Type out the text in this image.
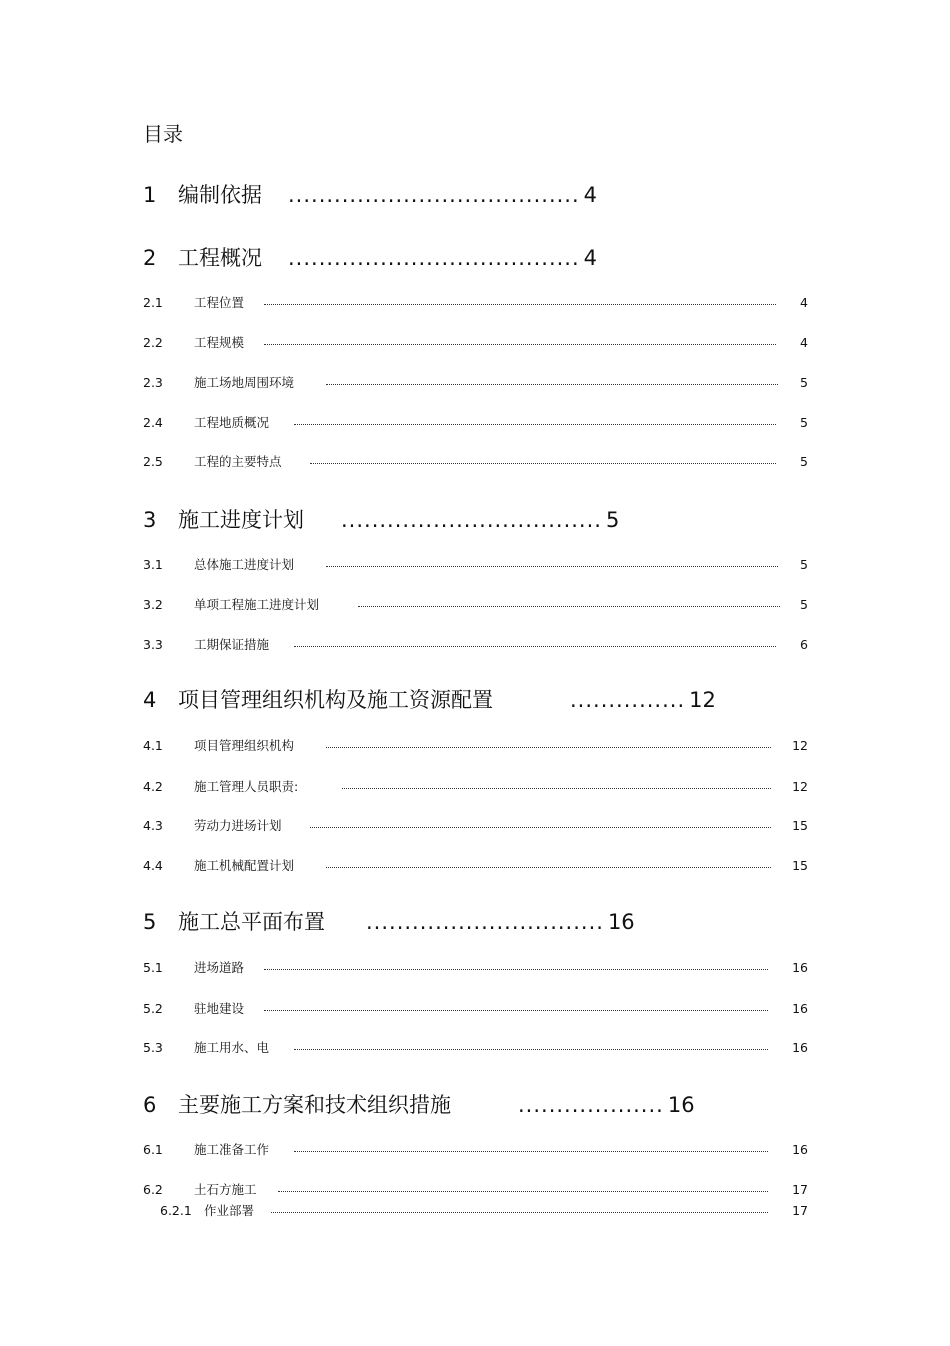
目录
1 编制依据 ...................................... 4
2 工程概况 ...................................... 4
2.1 工程位置	4
2.2 工程规模	4
2.3 施工场地周围环境	5
2.4 工程地质概况	5
2.5 工程的主要特点	5
3 施工进度计划 .................................. 5
3.1 总体施工进度计划	5
3.2 单项工程施工进度计划	5
3.3 工期保证措施	6
4 项目管理组织机构及施工资源配置	............... 12
4.1 项目管理组织机构	12
4.2 施工管理人员职责:	12
4.3 劳动力进场计划	15
4.4 施工机械配置计划	15
5 施工总平面布置 ............................... 16
5.1 进场道路	16
5.2 驻地建设	16
5.3 施工用水、电	16
6 主要施工方案和技术组织措施	................... 16
6.1 施工准备工作	16
6.2 土石方施工	17
6.2.1 作业部署	17
